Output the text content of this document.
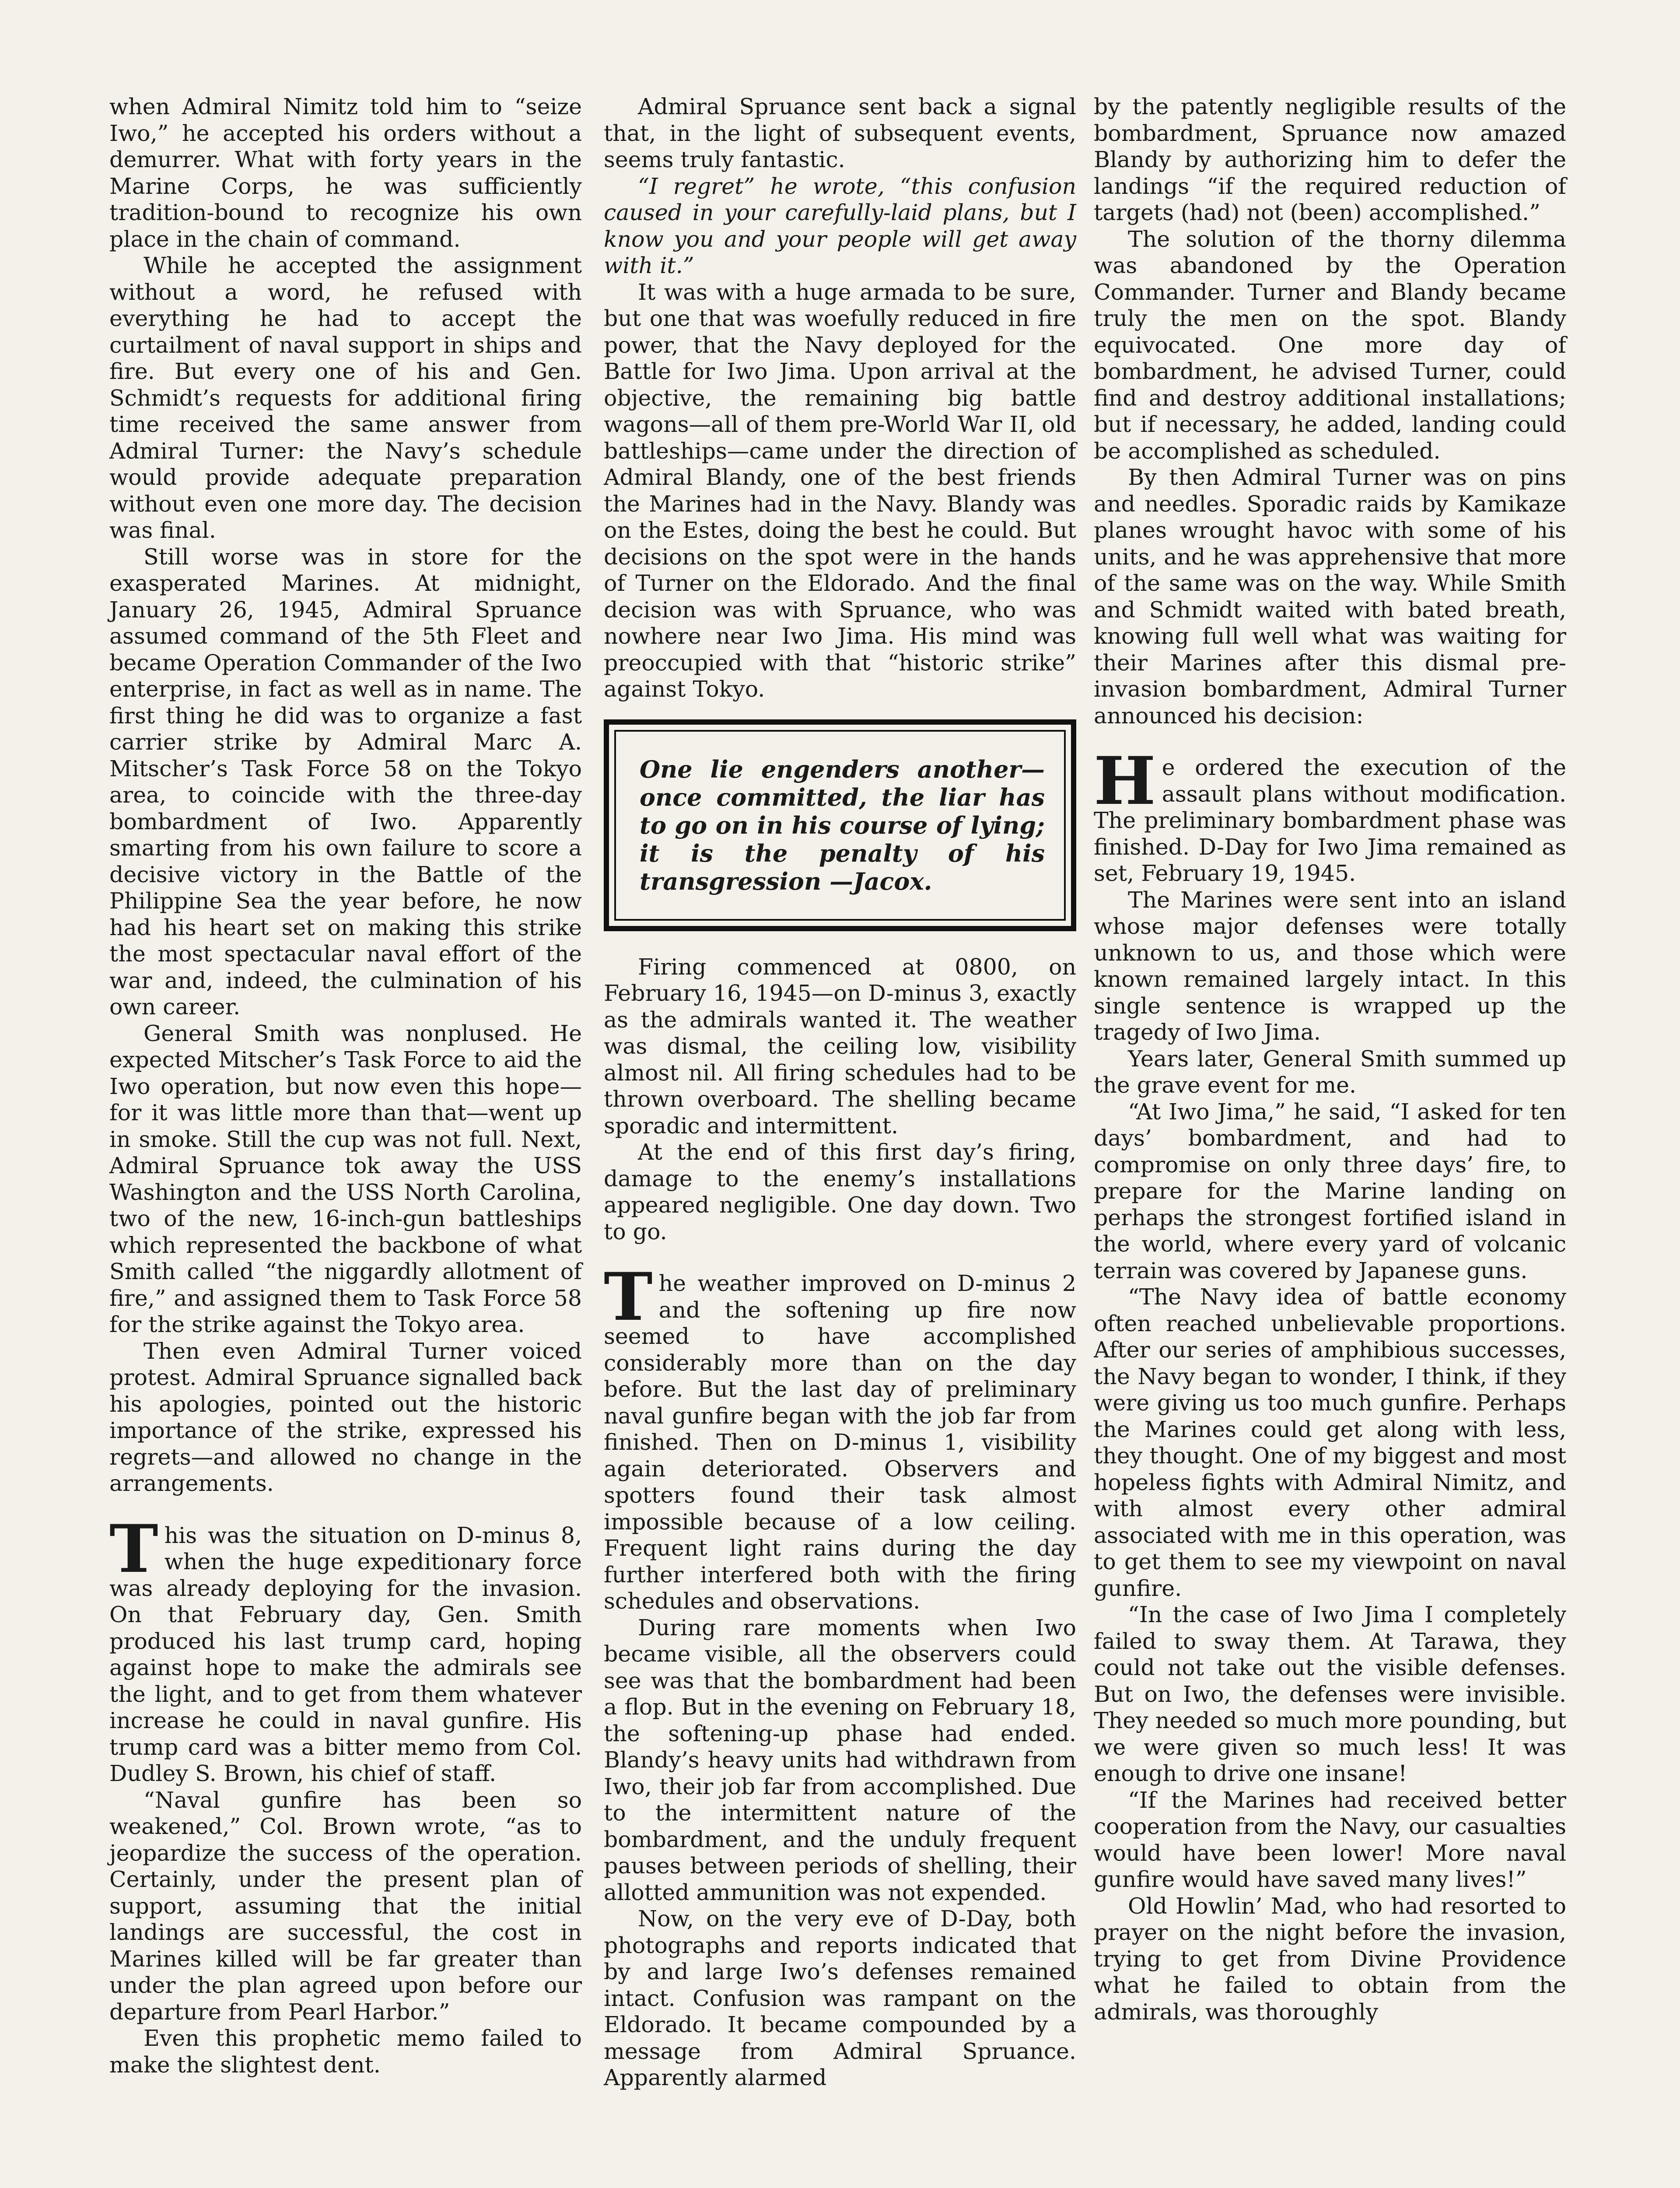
when Admiral Nimitz told him to “seize Iwo,” he accepted his orders without a demurrer. What with forty years in the Marine Corps, he was sufficiently tradition-bound to recognize his own place in the chain of command.

While he accepted the assignment without a word, he refused with everything he had to accept the curtailment of naval support in ships and fire. But every one of his and Gen. Schmidt’s requests for additional firing time received the same answer from Admiral Turner: the Navy’s schedule would provide adequate preparation without even one more day. The decision was final.

Still worse was in store for the exasperated Marines. At midnight, January 26, 1945, Admiral Spruance assumed command of the 5th Fleet and became Operation Commander of the Iwo enterprise, in fact as well as in name. The first thing he did was to organize a fast carrier strike by Admiral Marc A. Mitscher’s Task Force 58 on the Tokyo area, to coincide with the three-day bombardment of Iwo. Apparently smarting from his own failure to score a decisive victory in the Battle of the Philippine Sea the year before, he now had his heart set on making this strike the most spectacular naval effort of the war and, indeed, the culmination of his own career.

General Smith was nonplused. He expected Mitscher’s Task Force to aid the Iwo operation, but now even this hope—for it was little more than that—went up in smoke. Still the cup was not full. Next, Admiral Spruance tok away the USS Washington and the USS North Carolina, two of the new, 16-inch-gun battleships which represented the backbone of what Smith called “the niggardly allotment of fire,” and assigned them to Task Force 58 for the strike against the Tokyo area.

Then even Admiral Turner voiced protest. Admiral Spruance signalled back his apologies, pointed out the historic importance of the strike, expressed his regrets—and allowed no change in the arrangements.

This was the situation on D-minus 8, when the huge expeditionary force was already deploying for the invasion. On that February day, Gen. Smith produced his last trump card, hoping against hope to make the admirals see the light, and to get from them whatever increase he could in naval gunfire. His trump card was a bitter memo from Col. Dudley S. Brown, his chief of staff.

“Naval gunfire has been so weakened,” Col. Brown wrote, “as to jeopardize the success of the operation. Certainly, under the present plan of support, assuming that the initial landings are successful, the cost in Marines killed will be far greater than under the plan agreed upon before our departure from Pearl Harbor.”

Even this prophetic memo failed to make the slightest dent.

Admiral Spruance sent back a signal that, in the light of subsequent events, seems truly fantastic.

“I regret” he wrote, “this confusion caused in your carefully-laid plans, but I know you and your people will get away with it.”

It was with a huge armada to be sure, but one that was woefully reduced in fire power, that the Navy deployed for the Battle for Iwo Jima. Upon arrival at the objective, the remaining big battle wagons—all of them pre-World War II, old battleships—came under the direction of Admiral Blandy, one of the best friends the Marines had in the Navy. Blandy was on the Estes, doing the best he could. But decisions on the spot were in the hands of Turner on the Eldorado. And the final decision was with Spruance, who was nowhere near Iwo Jima. His mind was preoccupied with that “historic strike” against Tokyo.

One lie engenders another—once committed, the liar has to go on in his course of lying; it is the penalty of his transgression —Jacox.

Firing commenced at 0800, on February 16, 1945—on D-minus 3, exactly as the admirals wanted it. The weather was dismal, the ceiling low, visibility almost nil. All firing schedules had to be thrown overboard. The shelling became sporadic and intermittent.

At the end of this first day’s firing, damage to the enemy’s installations appeared negligible. One day down. Two to go.

The weather improved on D-minus 2 and the softening up fire now seemed to have accomplished considerably more than on the day before. But the last day of preliminary naval gunfire began with the job far from finished. Then on D-minus 1, visibility again deteriorated. Observers and spotters found their task almost impossible because of a low ceiling. Frequent light rains during the day further interfered both with the firing schedules and observations.

During rare moments when Iwo became visible, all the observers could see was that the bombardment had been a flop. But in the evening on February 18, the softening-up phase had ended. Blandy’s heavy units had withdrawn from Iwo, their job far from accomplished. Due to the intermittent nature of the bombardment, and the unduly frequent pauses between periods of shelling, their allotted ammunition was not expended.

Now, on the very eve of D-Day, both photographs and reports indicated that by and large Iwo’s defenses remained intact. Confusion was rampant on the Eldorado. It became compounded by a message from Admiral Spruance. Apparently alarmed

by the patently negligible results of the bombardment, Spruance now amazed Blandy by authorizing him to defer the landings “if the required reduction of targets (had) not (been) accomplished.”

The solution of the thorny dilemma was abandoned by the Operation Commander. Turner and Blandy became truly the men on the spot. Blandy equivocated. One more day of bombardment, he advised Turner, could find and destroy additional installations; but if necessary, he added, landing could be accomplished as scheduled.

By then Admiral Turner was on pins and needles. Sporadic raids by Kamikaze planes wrought havoc with some of his units, and he was apprehensive that more of the same was on the way. While Smith and Schmidt waited with bated breath, knowing full well what was waiting for their Marines after this dismal pre-invasion bombardment, Admiral Turner announced his decision:

He ordered the execution of the assault plans without modification. The preliminary bombardment phase was finished. D-Day for Iwo Jima remained as set, February 19, 1945.

The Marines were sent into an island whose major defenses were totally unknown to us, and those which were known remained largely intact. In this single sentence is wrapped up the tragedy of Iwo Jima.

Years later, General Smith summed up the grave event for me.

“At Iwo Jima,” he said, “I asked for ten days’ bombardment, and had to compromise on only three days’ fire, to prepare for the Marine landing on perhaps the strongest fortified island in the world, where every yard of volcanic terrain was covered by Japanese guns.

“The Navy idea of battle economy often reached unbelievable proportions. After our series of amphibious successes, the Navy began to wonder, I think, if they were giving us too much gunfire. Perhaps the Marines could get along with less, they thought. One of my biggest and most hopeless fights with Admiral Nimitz, and with almost every other admiral associated with me in this operation, was to get them to see my viewpoint on naval gunfire.

“In the case of Iwo Jima I completely failed to sway them. At Tarawa, they could not take out the visible defenses. But on Iwo, the defenses were invisible. They needed so much more pounding, but we were given so much less! It was enough to drive one insane!

“If the Marines had received better cooperation from the Navy, our casualties would have been lower! More naval gunfire would have saved many lives!”

Old Howlin’ Mad, who had resorted to prayer on the night before the invasion, trying to get from Divine Providence what he failed to obtain from the admirals, was thoroughly
